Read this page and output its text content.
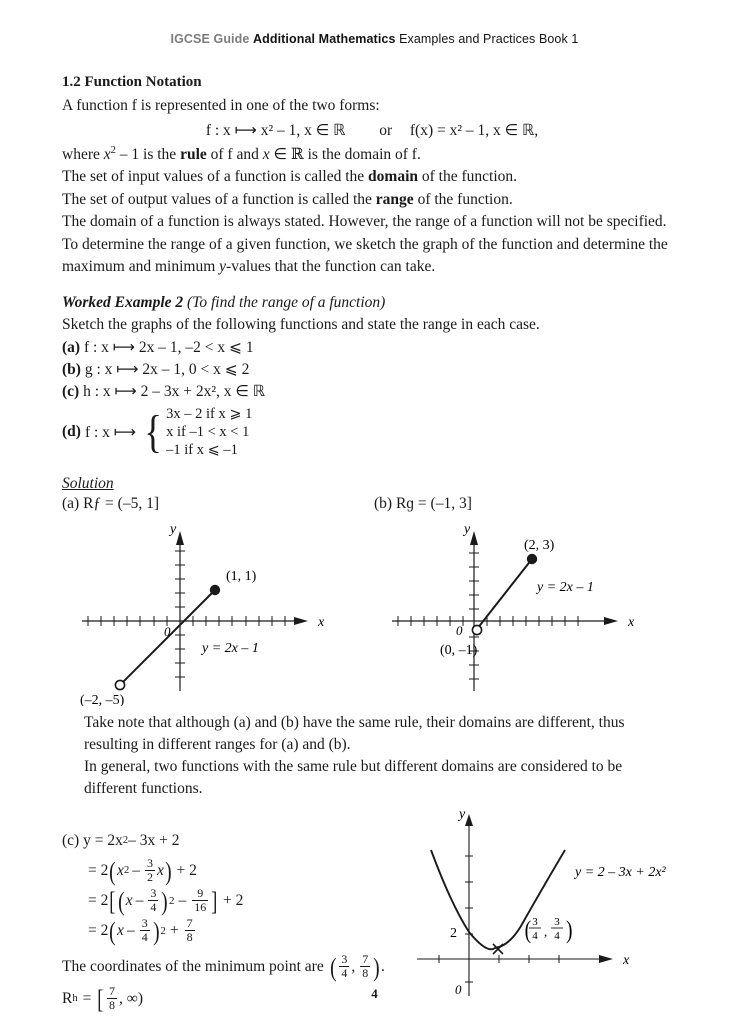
IGCSE Guide Additional Mathematics Examples and Practices Book 1
1.2 Function Notation

A function f is represented in one of the two forms:

f : x ⟼ x² – 1, x ∈ ℝ or f(x) = x² – 1, x ∈ ℝ,

where $x^2 - 1$ is the rule of f and x ∈ ℝ is the domain of f.

The set of input values of a function is called the domain of the function.

The set of output values of a function is called the range of the function.

The domain of a function is always stated. However, the range of a function will not be specified.

To determine the range of a given function, we sketch the graph of the function and determine the

maximum and minimum y-values that the function can take.

Worked Example 2 (To find the range of a function)

Sketch the graphs of the following functions and state the range in each case.

(a) f : x ⟼ 2x – 1, –2 < x ⩽ 1

(b) g : x ⟼ 2x – 1, 0 < x ⩽ 2

(c) h : x ⟼ 2 – 3x + 2x², x ∈ ℝ

(d) f : x ⟼ { 3x – 2 if x ⩾ 1
x if –1 < x < 1
–1 if x ⩽ –1
Solution
(a) Rƒ = (–5, 1]	(b) Rɡ = (–1, 3]
x
y
0
(1, 1)
(–2, –5)
y = 2x – 1
x
y
0
(2, 3)
(0, –1)
y = 2x – 1

Take note that although (a) and (b) have the same rule, their domains are different, thus

resulting in different ranges for (a) and (b).

In general, two functions with the same rule but different domains are considered to be

different functions.

(c) y = 2x 2 – 3x + 2
= 2 ( x $2 - \frac{3}{2}$ x ) + 2
= 2 [ ( x – $\frac{3}{4}$ ) $2 - \frac{9}{16}$ ] + 2
= 2 ( x – $\frac{3}{4}$ ) $2 + \frac{7}{8}$
The coordinates of the minimum point are ( $\frac{3}{4}$ , $\frac{7}{8}$ ) .
R h = [ $\frac{7}{8}$ , ∞)
x
y
0
2
y = 2 – 3x + 2x²
( 3
4 ,
3
4 )
4
